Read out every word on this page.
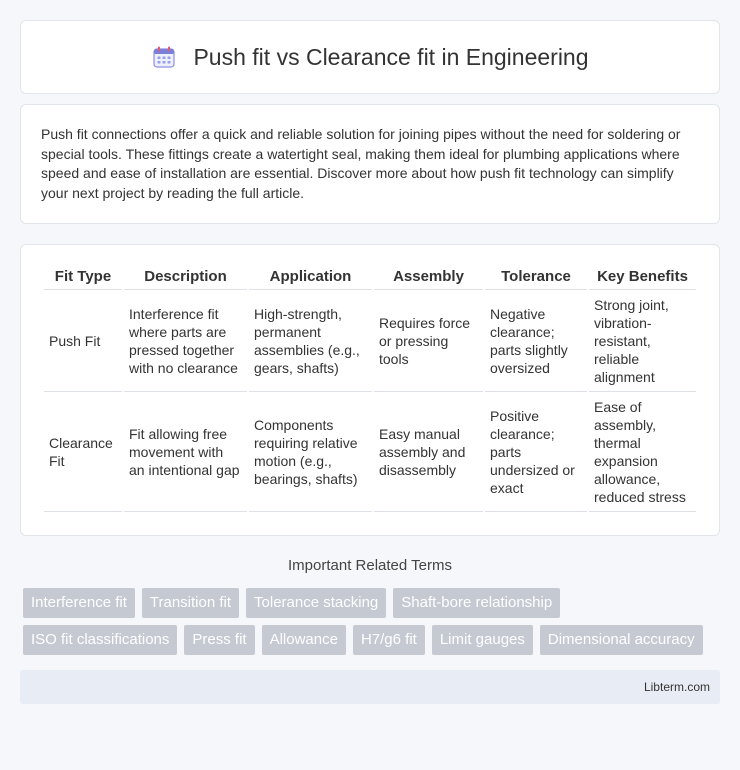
Push fit vs Clearance fit in Engineering

Push fit connections offer a quick and reliable solution for joining pipes without the need for soldering or special tools. These fittings create a watertight seal, making them ideal for plumbing applications where speed and ease of installation are essential. Discover more about how push fit technology can simplify your next project by reading the full article.

Fit Type	Description	Application	Assembly	Tolerance	Key Benefits
Push Fit	Interference fit where parts are pressed together with no clearance	High-strength, permanent assemblies (e.g., gears, shafts)	Requires force or pressing tools	Negative clearance; parts slightly oversized	Strong joint, vibration-resistant, reliable alignment
Clearance Fit	Fit allowing free movement with an intentional gap	Components requiring relative motion (e.g., bearings, shafts)	Easy manual assembly and disassembly	Positive clearance; parts undersized or exact	Ease of assembly, thermal expansion allowance, reduced stress
Important Related Terms
Interference fit	Transition fit	Tolerance stacking	Shaft-bore relationship
ISO fit classifications	Press fit	Allowance	H7/g6 fit	Limit gauges	Dimensional accuracy
Libterm.com
